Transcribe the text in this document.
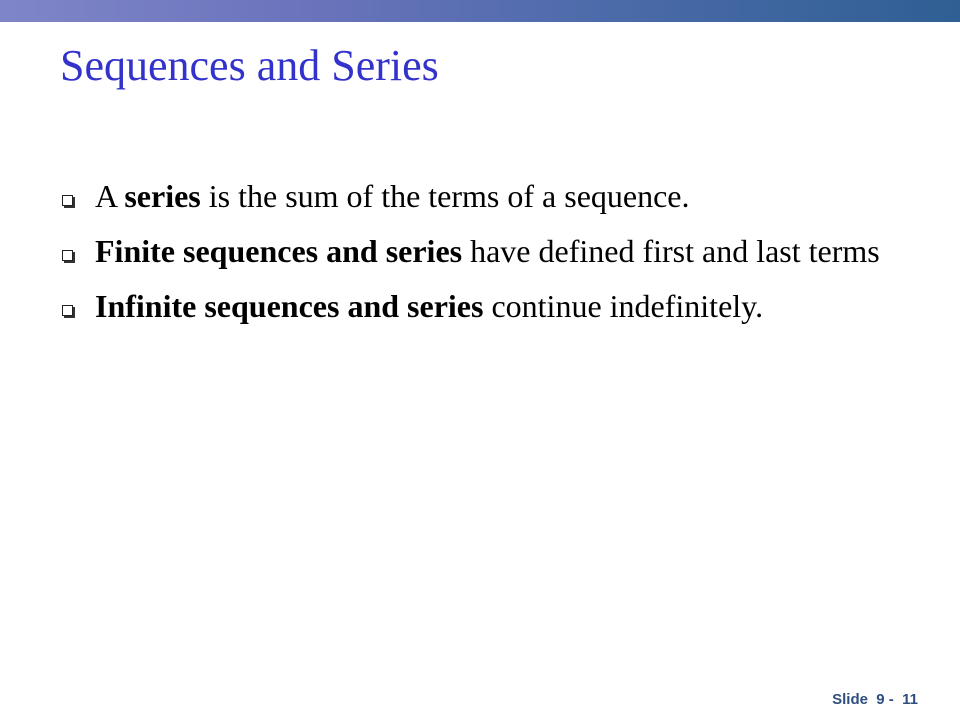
Sequences and Series
A series is the sum of the terms of a sequence.
Finite sequences and series have defined first and last terms
Infinite sequences and series continue indefinitely.
Slide  9 -  11
